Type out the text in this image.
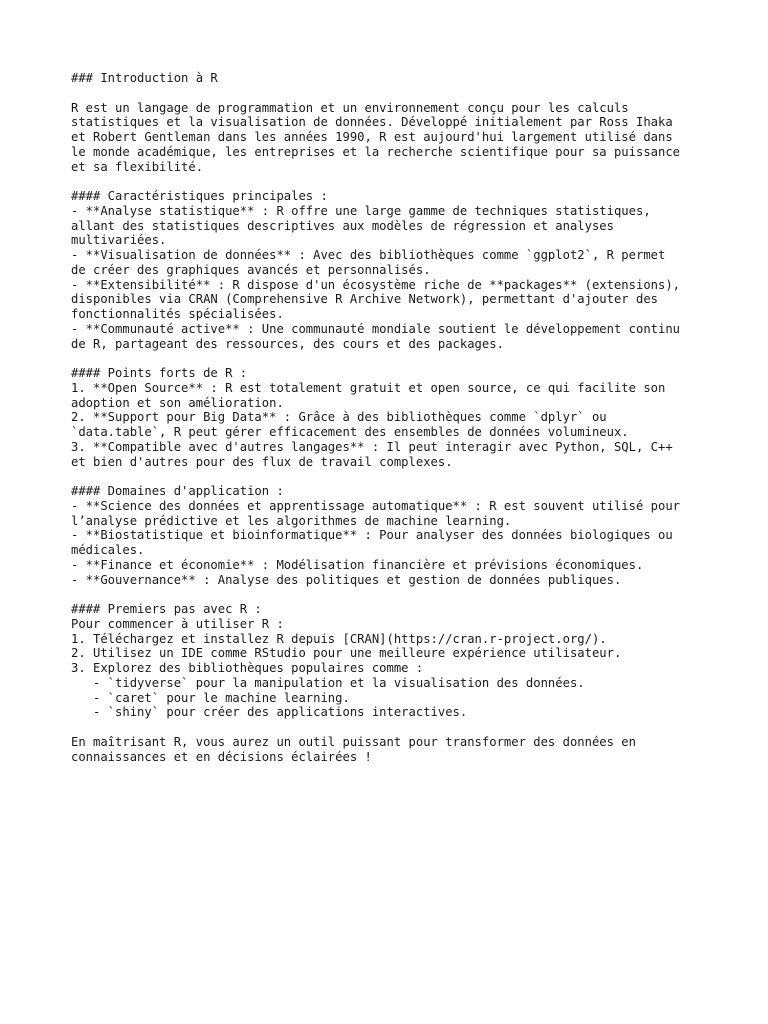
### Introduction à R
R est un langage de programmation et un environnement conçu pour les calculs
statistiques et la visualisation de données. Développé initialement par Ross Ihaka
et Robert Gentleman dans les années 1990, R est aujourd'hui largement utilisé dans
le monde académique, les entreprises et la recherche scientifique pour sa puissance
et sa flexibilité.
#### Caractéristiques principales :
- **Analyse statistique** : R offre une large gamme de techniques statistiques,
allant des statistiques descriptives aux modèles de régression et analyses
multivariées.
- **Visualisation de données** : Avec des bibliothèques comme `ggplot2`, R permet
de créer des graphiques avancés et personnalisés.
- **Extensibilité** : R dispose d'un écosystème riche de **packages** (extensions),
disponibles via CRAN (Comprehensive R Archive Network), permettant d'ajouter des
fonctionnalités spécialisées.
- **Communauté active** : Une communauté mondiale soutient le développement continu
de R, partageant des ressources, des cours et des packages.
#### Points forts de R :
1. **Open Source** : R est totalement gratuit et open source, ce qui facilite son
adoption et son amélioration.
2. **Support pour Big Data** : Grâce à des bibliothèques comme `dplyr` ou
`data.table`, R peut gérer efficacement des ensembles de données volumineux.
3. **Compatible avec d'autres langages** : Il peut interagir avec Python, SQL, C++
et bien d'autres pour des flux de travail complexes.
#### Domaines d'application :
- **Science des données et apprentissage automatique** : R est souvent utilisé pour
l’analyse prédictive et les algorithmes de machine learning.
- **Biostatistique et bioinformatique** : Pour analyser des données biologiques ou
médicales.
- **Finance et économie** : Modélisation financière et prévisions économiques.
- **Gouvernance** : Analyse des politiques et gestion de données publiques.
#### Premiers pas avec R :
Pour commencer à utiliser R :
1. Téléchargez et installez R depuis [CRAN](https://cran.r-project.org/).
2. Utilisez un IDE comme RStudio pour une meilleure expérience utilisateur.
3. Explorez des bibliothèques populaires comme :
- `tidyverse` pour la manipulation et la visualisation des données.
- `caret` pour le machine learning.
- `shiny` pour créer des applications interactives.
En maîtrisant R, vous aurez un outil puissant pour transformer des données en
connaissances et en décisions éclairées !
